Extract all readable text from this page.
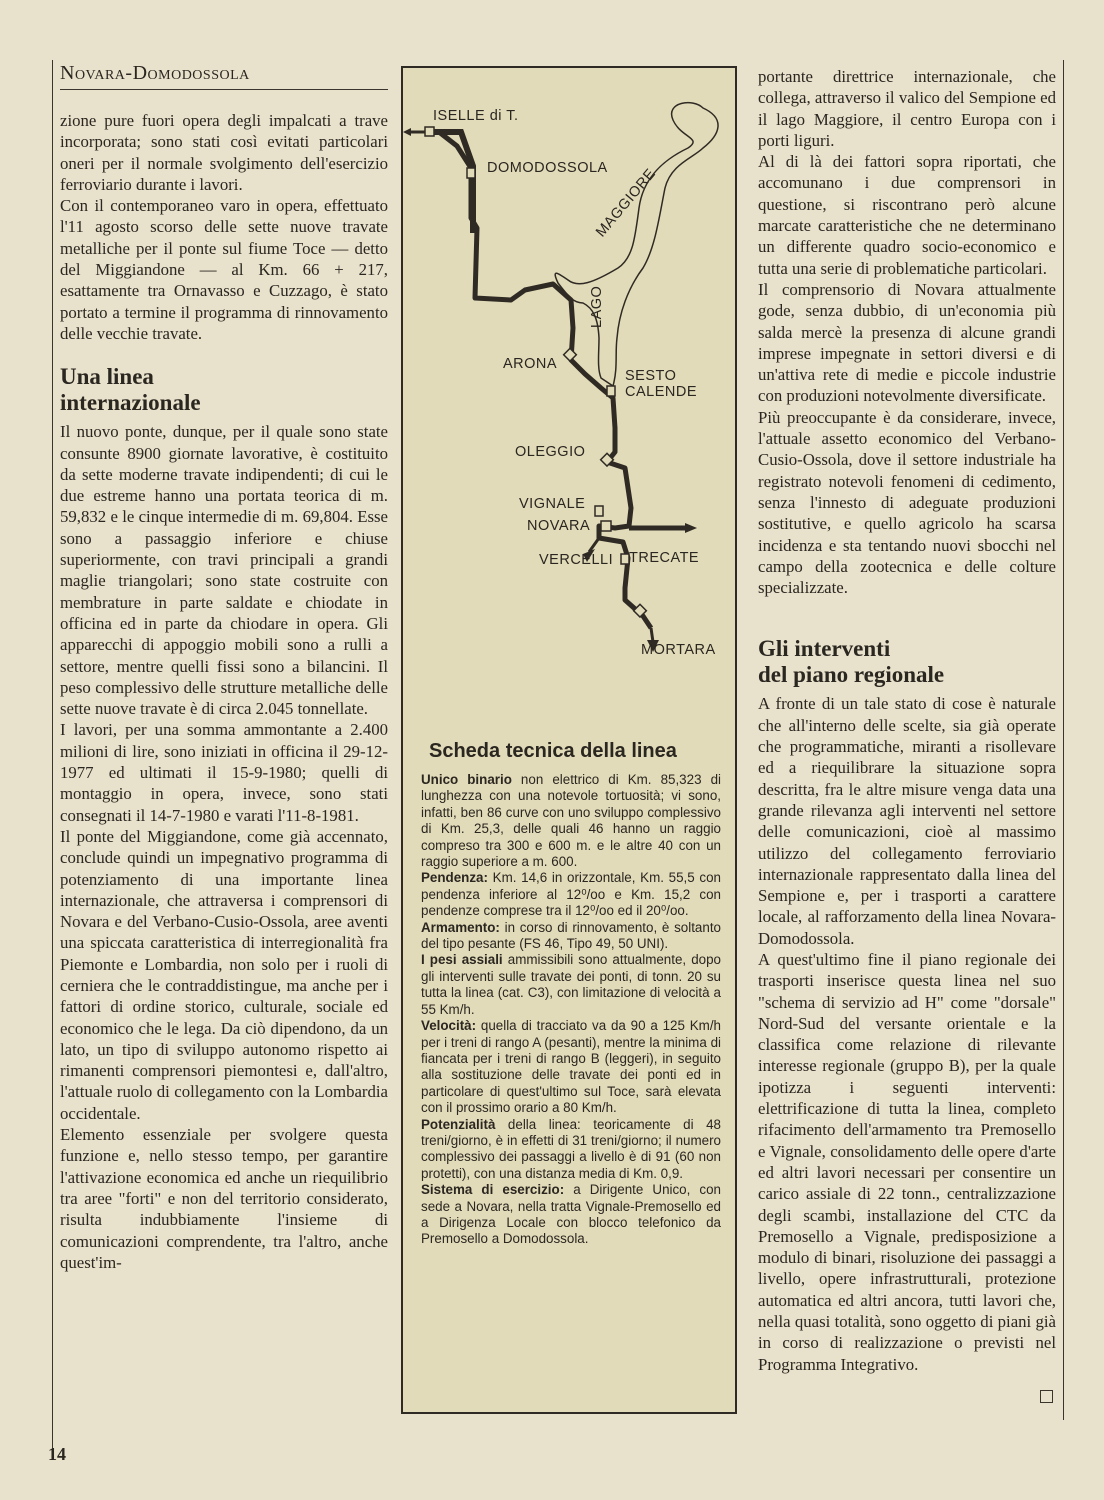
Novara-Domodossola

zione pure fuori opera degli impalcati a trave incorporata; sono stati così evitati particolari oneri per il normale svolgimento dell'esercizio ferroviario durante i lavori.

Con il contemporaneo varo in opera, effettuato l'11 agosto scorso delle sette nuove travate metalliche per il ponte sul fiume Toce — detto del Miggiandone — al Km. 66 + 217, esattamente tra Ornavasso e Cuzzago, è stato portato a termine il programma di rinnovamento delle vecchie travate.

Una linea
internazionale

Il nuovo ponte, dunque, per il quale sono state consunte 8900 giornate lavorative, è costituito da sette moderne travate indipendenti; di cui le due estreme hanno una portata teorica di m. 59,832 e le cinque intermedie di m. 69,804. Esse sono a passaggio inferiore e chiuse superiormente, con travi principali a grandi maglie triangolari; sono state costruite con membrature in parte saldate e chiodate in officina ed in parte da chiodare in opera. Gli apparecchi di appoggio mobili sono a rulli a settore, mentre quelli fissi sono a bilancini. Il peso complessivo delle strutture metalliche delle sette nuove travate è di circa 2.045 tonnellate.

I lavori, per una somma ammontante a 2.400 milioni di lire, sono iniziati in officina il 29-12-1977 ed ultimati il 15-9-1980; quelli di montaggio in opera, invece, sono stati consegnati il 14-7-1980 e varati l'11-8-1981.

Il ponte del Miggiandone, come già accennato, conclude quindi un impegnativo programma di potenziamento di una importante linea internazionale, che attraversa i comprensori di Novara e del Verbano-Cusio-Ossola, aree aventi una spiccata caratteristica di interregionalità fra Piemonte e Lombardia, non solo per i ruoli di cerniera che le contraddistingue, ma anche per i fattori di ordine storico, culturale, sociale ed economico che le lega. Da ciò dipendono, da un lato, un tipo di sviluppo autonomo rispetto ai rimanenti comprensori piemontesi e, dall'altro, l'attuale ruolo di collegamento con la Lombardia occidentale.

Elemento essenziale per svolgere questa funzione e, nello stesso tempo, per garantire l'attivazione economica ed anche un riequilibrio tra aree "forti" e non del territorio considerato, risulta indubbiamente l'insieme di comunicazioni comprendente, tra l'altro, anche quest'im-

ISELLE di T.
DOMODOSSOLA
MAGGIORE
LAGO
ARONA
SESTO
CALENDE
OLEGGIO
VIGNALE
NOVARA
VERCELLI TRECATE
MORTARA
Scheda tecnica della linea

Unico binario non elettrico di Km. 85,323 di lunghezza con una notevole tortuosità; vi sono, infatti, ben 86 curve con uno sviluppo complessivo di Km. 25,3, delle quali 46 hanno un raggio compreso tra 300 e 600 m. e le altre 40 con un raggio superiore a m. 600.

Pendenza: Km. 14,6 in orizzontale, Km. 55,5 con pendenza inferiore al 12⁰/oo e Km. 15,2 con pendenze comprese tra il 12⁰/oo ed il 20⁰/oo.

Armamento: in corso di rinnovamento, è soltanto del tipo pesante (FS 46, Tipo 49, 50 UNI).

I pesi assiali ammissibili sono attualmente, dopo gli interventi sulle travate dei ponti, di tonn. 20 su tutta la linea (cat. C3), con limitazione di velocità a 55 Km/h.

Velocità: quella di tracciato va da 90 a 125 Km/h per i treni di rango A (pesanti), mentre la minima di fiancata per i treni di rango B (leggeri), in seguito alla sostituzione delle travate dei ponti ed in particolare di quest'ultimo sul Toce, sarà elevata con il prossimo orario a 80 Km/h.

Potenzialità della linea: teoricamente di 48 treni/giorno, è in effetti di 31 treni/giorno; il numero complessivo dei passaggi a livello è di 91 (60 non protetti), con una distanza media di Km. 0,9.

Sistema di esercizio: a Dirigente Unico, con sede a Novara, nella tratta Vignale-Premosello ed a Dirigenza Locale con blocco telefonico da Premosello a Domodossola.

portante direttrice internazionale, che collega, attraverso il valico del Sempione ed il lago Maggiore, il centro Europa con i porti liguri.

Al di là dei fattori sopra riportati, che accomunano i due comprensori in questione, si riscontrano però alcune marcate caratteristiche che ne determinano un differente quadro socio-economico e tutta una serie di problematiche particolari.

Il comprensorio di Novara attualmente gode, senza dubbio, di un'economia più salda mercè la presenza di alcune grandi imprese impegnate in settori diversi e di un'attiva rete di medie e piccole industrie con produzioni notevolmente diversificate.

Più preoccupante è da considerare, invece, l'attuale assetto economico del Verbano-Cusio-Ossola, dove il settore industriale ha registrato notevoli fenomeni di cedimento, senza l'innesto di adeguate produzioni sostitutive, e quello agricolo ha scarsa incidenza e sta tentando nuovi sbocchi nel campo della zootecnica e delle colture specializzate.

Gli interventi
del piano regionale

A fronte di un tale stato di cose è naturale che all'interno delle scelte, sia già operate che programmatiche, miranti a risollevare ed a riequilibrare la situazione sopra descritta, fra le altre misure venga data una grande rilevanza agli interventi nel settore delle comunicazioni, cioè al massimo utilizzo del collegamento ferroviario internazionale rappresentato dalla linea del Sempione e, per i trasporti a carattere locale, al rafforzamento della linea Novara-Domodossola.

A quest'ultimo fine il piano regionale dei trasporti inserisce questa linea nel suo "schema di servizio ad H" come "dorsale" Nord-Sud del versante orientale e la classifica come relazione di rilevante interesse regionale (gruppo B), per la quale ipotizza i seguenti interventi: elettrificazione di tutta la linea, completo rifacimento dell'armamento tra Premosello e Vignale, consolidamento delle opere d'arte ed altri lavori necessari per consentire un carico assiale di 22 tonn., centralizzazione degli scambi, installazione del CTC da Premosello a Vignale, predisposizione a modulo di binari, risoluzione dei passaggi a livello, opere infrastrutturali, protezione automatica ed altri ancora, tutti lavori che, nella quasi totalità, sono oggetto di piani già in corso di realizzazione o previsti nel Programma Integrativo.

14
